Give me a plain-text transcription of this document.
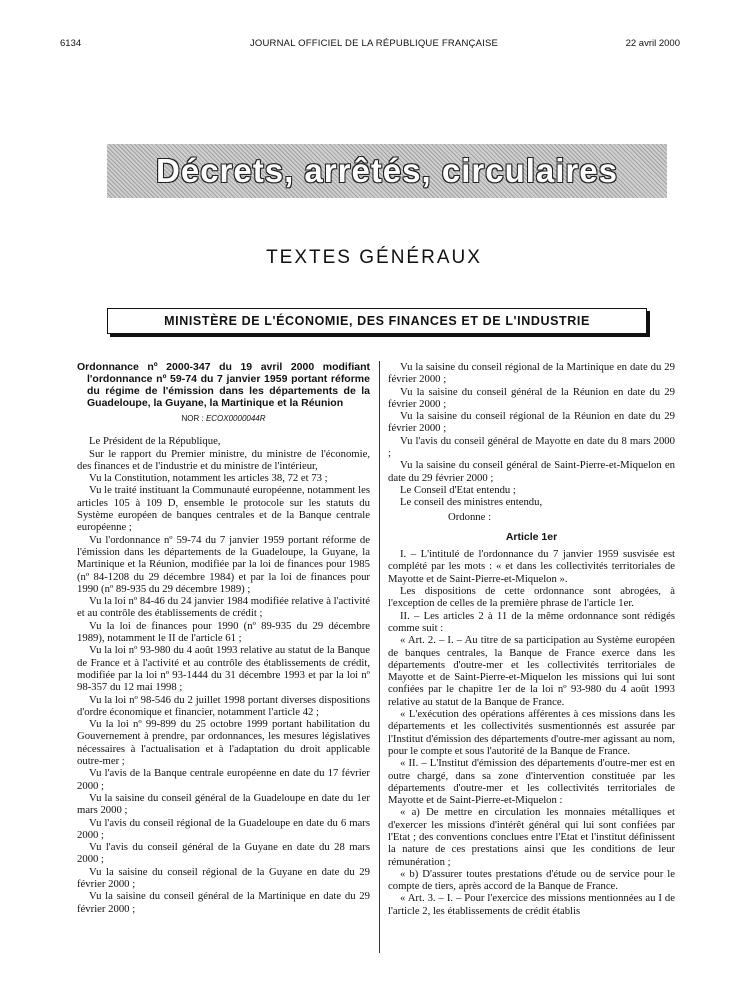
6134	JOURNAL OFFICIEL DE LA RÉPUBLIQUE FRANÇAISE	22 avril 2000
Décrets, arrêtés, circulaires
TEXTES GÉNÉRAUX
MINISTÈRE DE L'ÉCONOMIE, DES FINANCES ET DE L'INDUSTRIE
Ordonnance nº 2000-347 du 19 avril 2000 modifiant l'ordonnance nº 59-74 du 7 janvier 1959 portant réforme du régime de l'émission dans les départements de la Guadeloupe, la Guyane, la Martinique et la Réunion
NOR : ECOX0000044R

Le Président de la République,

Sur le rapport du Premier ministre, du ministre de l'économie, des finances et de l'industrie et du ministre de l'intérieur,

Vu la Constitution, notamment les articles 38, 72 et 73 ;

Vu le traité instituant la Communauté européenne, notamment les articles 105 à 109 D, ensemble le protocole sur les statuts du Système européen de banques centrales et de la Banque centrale européenne ;

Vu l'ordonnance nº 59-74 du 7 janvier 1959 portant réforme de l'émission dans les départements de la Guadeloupe, la Guyane, la Martinique et la Réunion, modifiée par la loi de finances pour 1985 (nº 84-1208 du 29 décembre 1984) et par la loi de finances pour 1990 (nº 89-935 du 29 décembre 1989) ;

Vu la loi nº 84-46 du 24 janvier 1984 modifiée relative à l'activité et au contrôle des établissements de crédit ;

Vu la loi de finances pour 1990 (nº 89-935 du 29 décembre 1989), notamment le II de l'article 61 ;

Vu la loi nº 93-980 du 4 août 1993 relative au statut de la Banque de France et à l'activité et au contrôle des établissements de crédit, modifiée par la loi nº 93-1444 du 31 décembre 1993 et par la loi nº 98-357 du 12 mai 1998 ;

Vu la loi nº 98-546 du 2 juillet 1998 portant diverses dispositions d'ordre économique et financier, notamment l'article 42 ;

Vu la loi nº 99-899 du 25 octobre 1999 portant habilitation du Gouvernement à prendre, par ordonnances, les mesures législatives nécessaires à l'actualisation et à l'adaptation du droit applicable outre-mer ;

Vu l'avis de la Banque centrale européenne en date du 17 février 2000 ;

Vu la saisine du conseil général de la Guadeloupe en date du 1er mars 2000 ;

Vu l'avis du conseil régional de la Guadeloupe en date du 6 mars 2000 ;

Vu l'avis du conseil général de la Guyane en date du 28 mars 2000 ;

Vu la saisine du conseil régional de la Guyane en date du 29 février 2000 ;

Vu la saisine du conseil général de la Martinique en date du 29 février 2000 ;

Vu la saisine du conseil régional de la Martinique en date du 29 février 2000 ;

Vu la saisine du conseil général de la Réunion en date du 29 février 2000 ;

Vu la saisine du conseil régional de la Réunion en date du 29 février 2000 ;

Vu l'avis du conseil général de Mayotte en date du 8 mars 2000 ;

Vu la saisine du conseil général de Saint-Pierre-et-Miquelon en date du 29 février 2000 ;

Le Conseil d'Etat entendu ;

Le conseil des ministres entendu,

Ordonne :
Article 1er

I. – L'intitulé de l'ordonnance du 7 janvier 1959 susvisée est complété par les mots : « et dans les collectivités territoriales de Mayotte et de Saint-Pierre-et-Miquelon ».

Les dispositions de cette ordonnance sont abrogées, à l'exception de celles de la première phrase de l'article 1er.

II. – Les articles 2 à 11 de la même ordonnance sont rédigés comme suit :

« Art. 2. – I. – Au titre de sa participation au Système européen de banques centrales, la Banque de France exerce dans les départements d'outre-mer et les collectivités territoriales de Mayotte et de Saint-Pierre-et-Miquelon les missions qui lui sont confiées par le chapitre 1er de la loi nº 93-980 du 4 août 1993 relative au statut de la Banque de France.

« L'exécution des opérations afférentes à ces missions dans les départements et les collectivités susmentionnés est assurée par l'Institut d'émission des départements d'outre-mer agissant au nom, pour le compte et sous l'autorité de la Banque de France.

« II. – L'Institut d'émission des départements d'outre-mer est en outre chargé, dans sa zone d'intervention constituée par les départements d'outre-mer et les collectivités territoriales de Mayotte et de Saint-Pierre-et-Miquelon :

« a) De mettre en circulation les monnaies métalliques et d'exercer les missions d'intérêt général qui lui sont confiées par l'Etat ; des conventions conclues entre l'Etat et l'institut définissent la nature de ces prestations ainsi que les conditions de leur rémunération ;

« b) D'assurer toutes prestations d'étude ou de service pour le compte de tiers, après accord de la Banque de France.

« Art. 3. – I. – Pour l'exercice des missions mentionnées au I de l'article 2, les établissements de crédit établis
